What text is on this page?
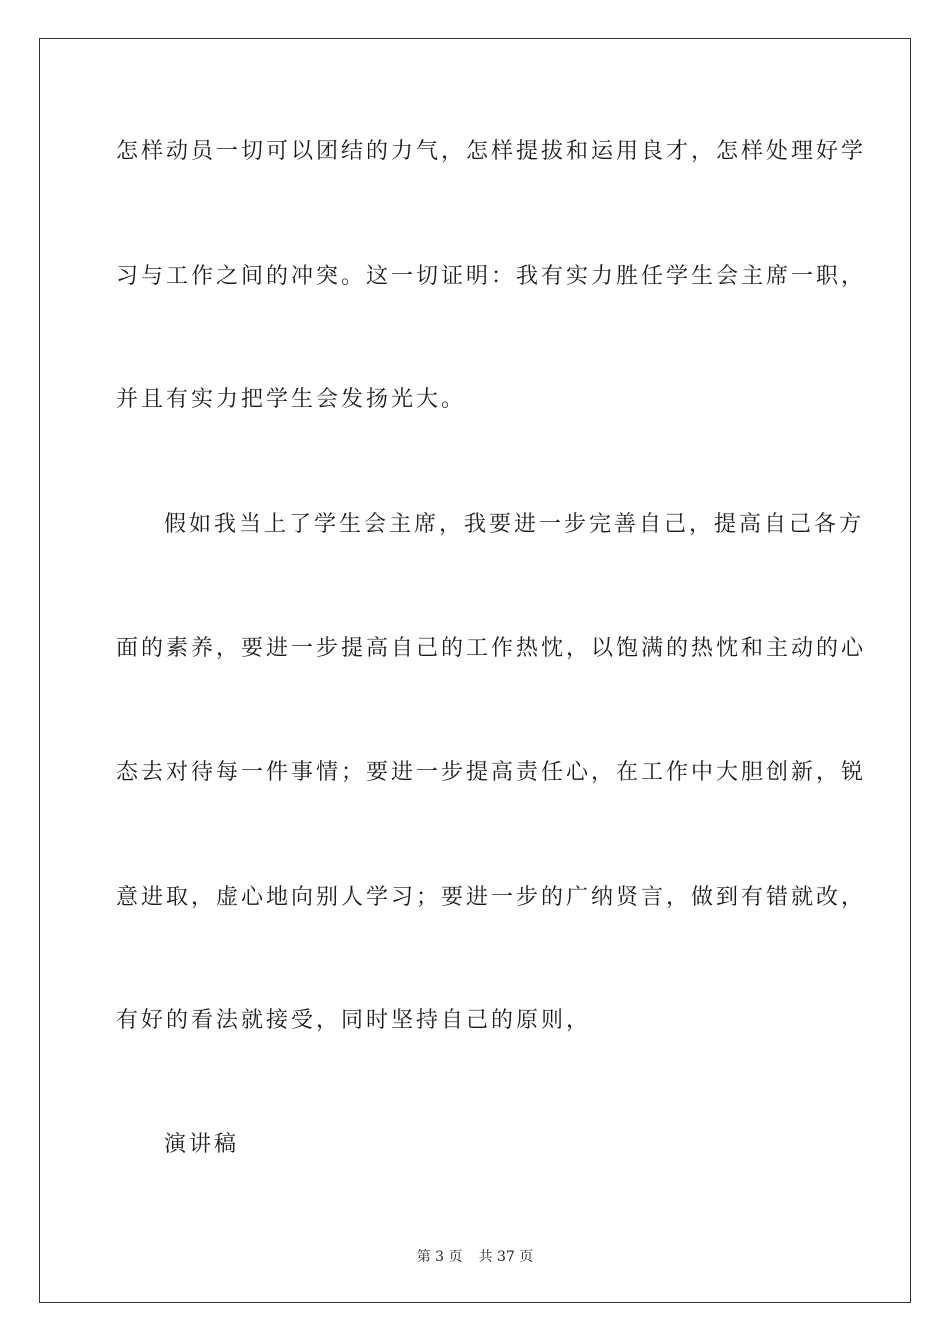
怎样动员一切可以团结的力气，怎样提拔和运用良才，怎样处理好学
习与工作之间的冲突。这一切证明：我有实力胜任学生会主席一职，
并且有实力把学生会发扬光大。
假如我当上了学生会主席，我要进一步完善自己，提高自己各方
面的素养，要进一步提高自己的工作热忱，以饱满的热忱和主动的心
态去对待每一件事情；要进一步提高责任心，在工作中大胆创新，锐
意进取，虚心地向别人学习；要进一步的广纳贤言，做到有错就改，
有好的看法就接受，同时坚持自己的原则，
演讲稿
第 3 页 共 37 页
